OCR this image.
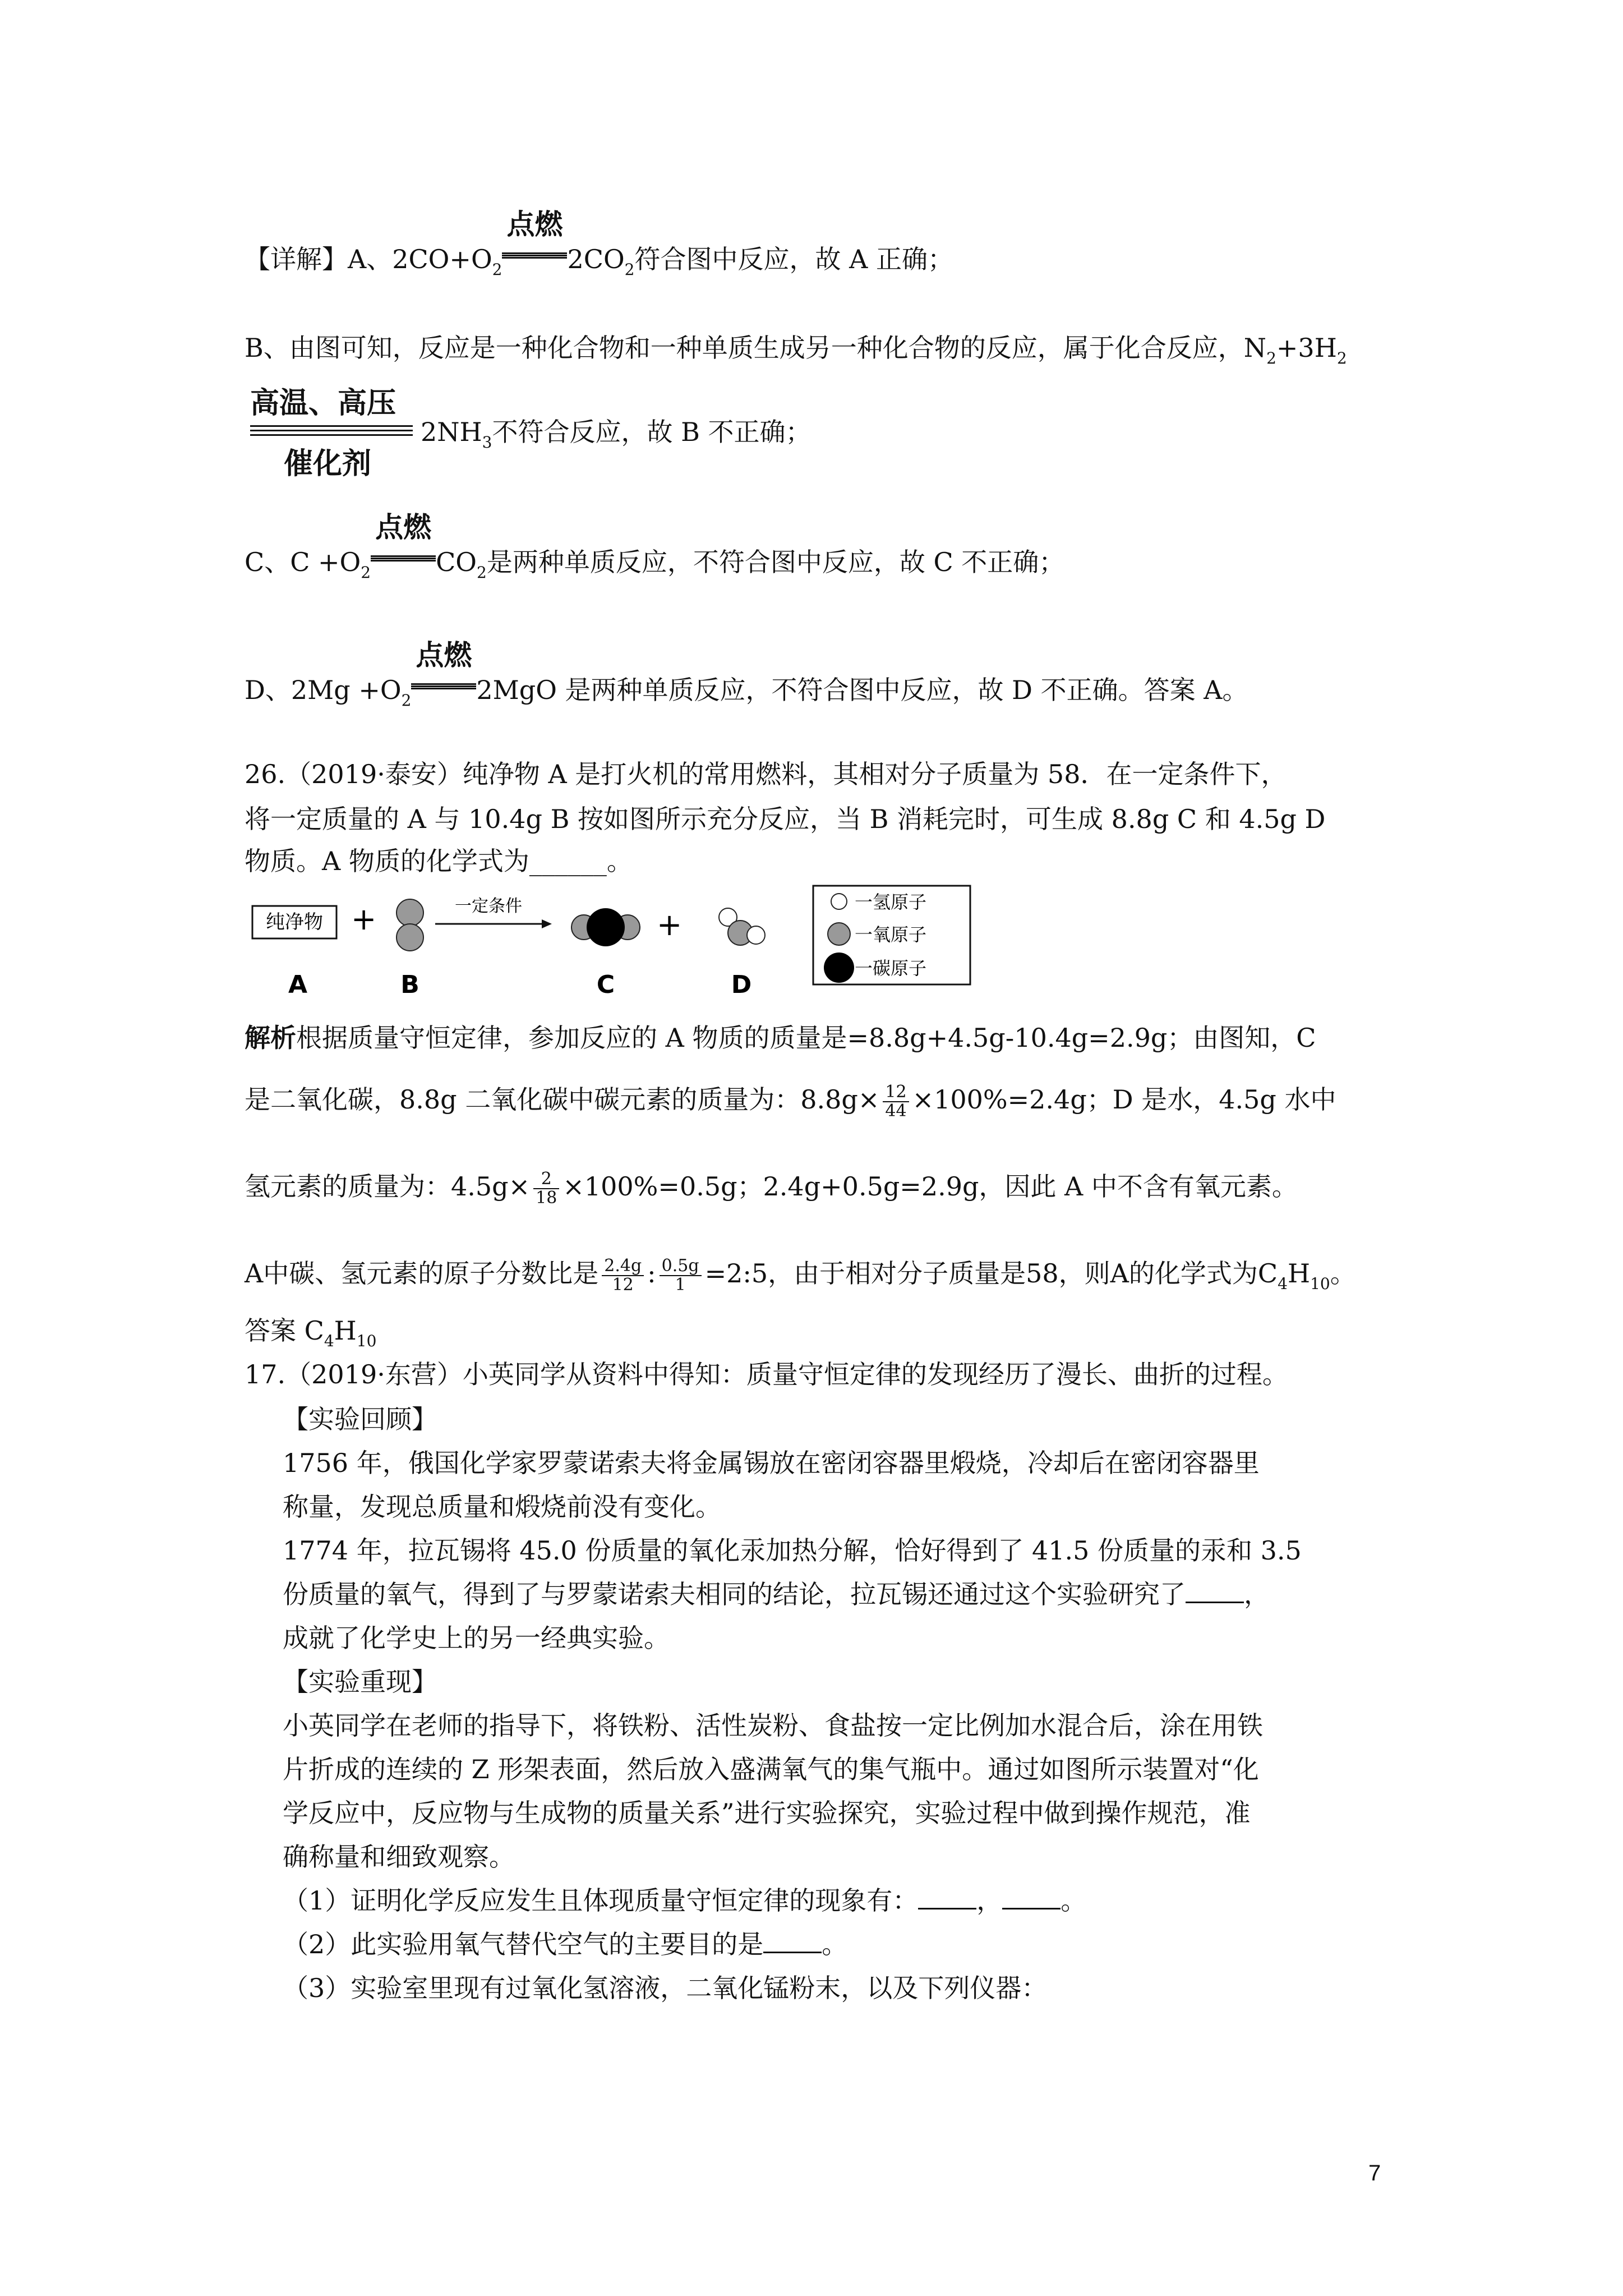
【详解】A、$2CO+O_2$
点燃
$2CO_2$符合图中反应，故 A 正确；
B、由图可知，反应是一种化合物和一种单质生成另一种化合物的反应，属于化合反应，$N_2+3H_2$
高温、高压
催化剂
$2NH_3$不符合反应，故 B 不正确；
C、$C +O_2$
点燃
$CO_2$是两种单质反应，不符合图中反应，故 C 不正确；
D、$2Mg +O_2$
点燃
2MgO 是两种单质反应，不符合图中反应，故 D 不正确。答案 A。
26.（2019·泰安）纯净物 A 是打火机的常用燃料，其相对分子质量为 58．在一定条件下，
将一定质量的 A 与 10.4g B 按如图所示充分反应，当 B 消耗完时，可生成 8.8g C 和 4.5g D
物质。A 物质的化学式为______。
纯净物 +	一定条件
+
A	B	C	D
一氢原子
一氧原子
一碳原子
解析根据质量守恒定律，参加反应的 A 物质的质量是=8.8g+4.5g-10.4g=2.9g；由图知，C
是二氧化碳，8.8g 二氧化碳中碳元素的质量为：$8.8g\times \frac{12}{44} \times 100\%=2.4g$；D 是水，4.5g 水中
氢元素的质量为：$4.5g\times \frac{2}{18} \times 100\%=0.5g$；2.4g+0.5g=2.9g，因此 A 中不含有氧元素。
A中碳、氢元素的原子分数比是 $\frac{2.4g}{12}$ : $\frac{0.5g}{1}$ =2:5，由于相对分子质量是58，则A的化学式为$C_4H_{10}$。
答案 $C_4H_{10}$
17.（2019·东营）小英同学从资料中得知：质量守恒定律的发现经历了漫长、曲折的过程。
【实验回顾】
1756 年，俄国化学家罗蒙诺索夫将金属锡放在密闭容器里煅烧，冷却后在密闭容器里
称量，发现总质量和煅烧前没有变化。
1774 年，拉瓦锡将 45.0 份质量的氧化汞加热分解，恰好得到了 41.5 份质量的汞和 3.5
份质量的氧气，得到了与罗蒙诺索夫相同的结论，拉瓦锡还通过这个实验研究了 ，
成就了化学史上的另一经典实验。
【实验重现】
小英同学在老师的指导下，将铁粉、活性炭粉、食盐按一定比例加水混合后，涂在用铁
片折成的连续的 Z 形架表面，然后放入盛满氧气的集气瓶中。通过如图所示装置对“化
学反应中，反应物与生成物的质量关系”进行实验探究，实验过程中做到操作规范，准
确称量和细致观察。
（1）证明化学反应发生且体现质量守恒定律的现象有： ， 。
（2）此实验用氧气替代空气的主要目的是 。
（3）实验室里现有过氧化氢溶液，二氧化锰粉末，以及下列仪器：
7
